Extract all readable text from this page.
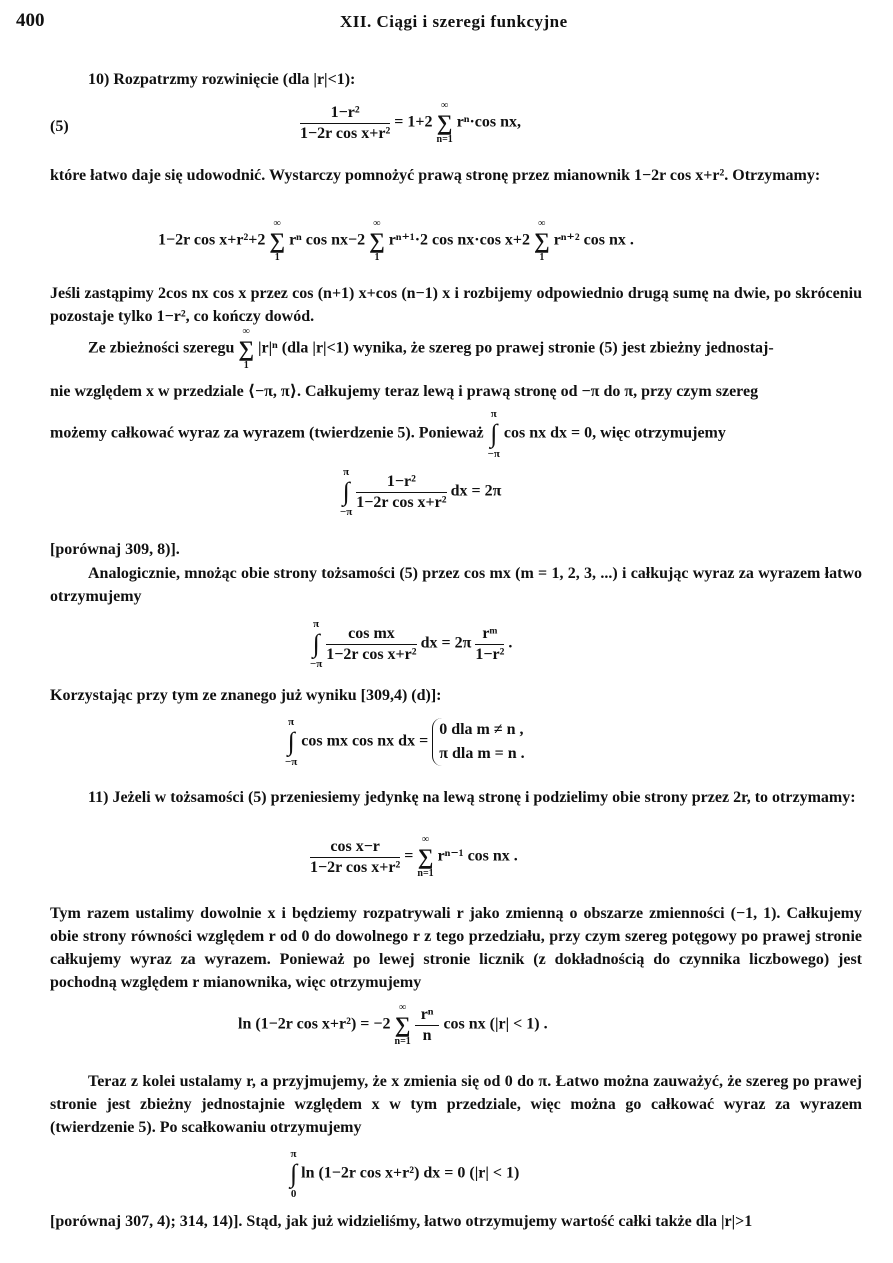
400	XII. Ciągi i szeregi funkcyjne
10) Rozpatrzmy rozwinięcie (dla |r|<1):
(5)	$\frac{\text{1−r²}}{\text{1−2r cos x+r²}} = 1+2$
∞
∑
n=1
rⁿ·cos nx,
które łatwo daje się udowodnić. Wystarczy pomnożyć prawą stronę przez mianownik 1−2r cos x+r². Otrzymamy:
1−2r cos x+r²+2
∞
∑
1
rⁿ cos nx−2
∞
∑
1
rⁿ⁺¹·2 cos nx·cos x+2
∞
∑
1
rⁿ⁺² cos nx .
Jeśli zastąpimy 2cos nx cos x przez cos (n+1) x+cos (n−1) x i rozbijemy odpowiednio drugą sumę na dwie, po skróceniu pozostaje tylko 1−r², co kończy dowód.
Ze zbieżności szeregu
∞
∑
1
|r|ⁿ (dla |r|<1) wynika, że szereg po prawej stronie (5) jest zbieżny jednostaj-
nie względem x w przedziale ⟨−π, π⟩. Całkujemy teraz lewą i prawą stronę od −π do π, przy czym szereg
możemy całkować wyraz za wyrazem (twierdzenie 5). Ponieważ
π
∫
−π
cos nx dx = 0, więc otrzymujemy
π
∫
−π

$\frac{\text{1−r²}}{\text{1−2r cos x+r²}}$ dx = 2π
[porównaj 309, 8)].
Analogicznie, mnożąc obie strony tożsamości (5) przez cos mx (m = 1, 2, 3, ...) i całkując wyraz za wyrazem łatwo otrzymujemy
π
∫
−π

$\frac{\text{cos mx}}{\text{1−2r cos x+r²}}$ dx = $2\pi \frac{\text{rᵐ}}{\text{1−r²}}$ .
Korzystając przy tym ze znanego już wyniku [309,4) (d)]:
π
∫
−π
cos mx cos nx dx =
0 dla m ≠ n ,
π dla m = n .
11) Jeżeli w tożsamości (5) przeniesiemy jedynkę na lewą stronę i podzielimy obie strony przez 2r, to otrzymamy:
$\frac{\text{cos x−r}}{\text{1−2r cos x+r²}}$ =
∞
∑
n=1
rⁿ⁻¹ cos nx .
Tym razem ustalimy dowolnie x i będziemy rozpatrywali r jako zmienną o obszarze zmienności (−1, 1). Całkujemy obie strony równości względem r od 0 do dowolnego r z tego przedziału, przy czym szereg potęgowy po prawej stronie całkujemy wyraz za wyrazem. Ponieważ po lewej stronie licznik (z dokładnością do czynnika liczbowego) jest pochodną względem r mianownika, więc otrzymujemy
ln (1−2r cos x+r²) = −2
∞
∑
n=1
$\frac{\text{rⁿ}}{n}$ cos nx (|r| < 1) .
Teraz z kolei ustalamy r, a przyjmujemy, że x zmienia się od 0 do π. Łatwo można zauważyć, że szereg po prawej stronie jest zbieżny jednostajnie względem x w tym przedziale, więc można go całkować wyraz za wyrazem (twierdzenie 5). Po scałkowaniu otrzymujemy
π
∫
0
ln (1−2r cos x+r²) dx = 0 (|r| < 1)
[porównaj 307, 4); 314, 14)]. Stąd, jak już widzieliśmy, łatwo otrzymujemy wartość całki także dla |r|>1
